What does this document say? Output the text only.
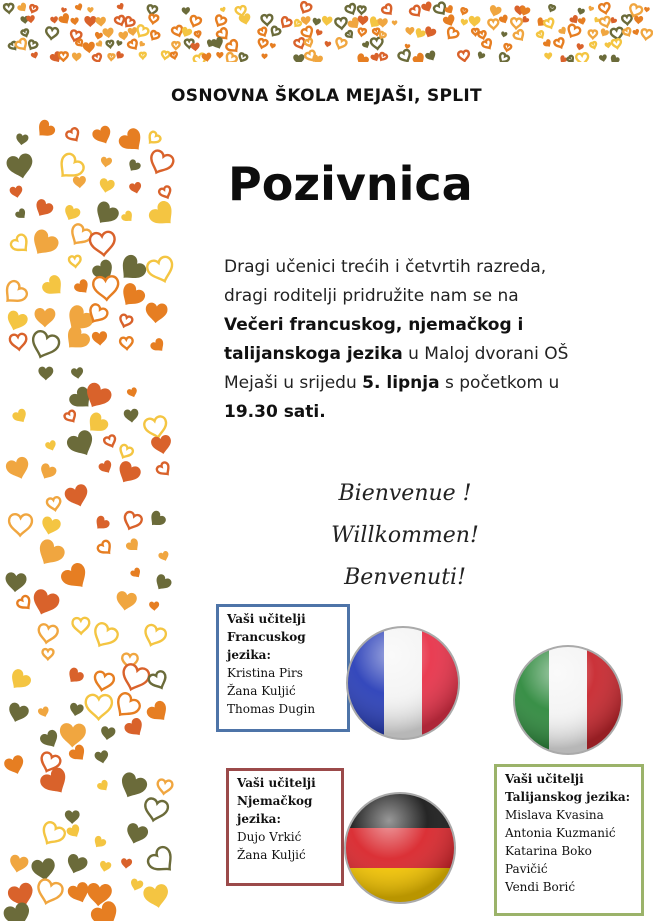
OSNOVNA ŠKOLA MEJAŠI, SPLIT
Pozivnica
Dragi učenici trećih i četvrtih razreda, dragi roditelji pridružite nam se na Večeri francuskog, njemačkog i talijanskoga jezika u Maloj dvorani OŠ Mejaši u srijedu 5. lipnja s početkom u 19.30 sati.
Bienvenue !
Willkommen!
Benvenuti!
Vaši učitelji Francuskog jezika:
Kristina Pirs
Žana Kuljić
Thomas Dugin
Vaši učitelji Njemačkog jezika:
Dujo Vrkić
Žana Kuljić
Vaši učitelji Talijanskog jezika:
Mislava Kvasina
Antonia Kuzmanić
Katarina Boko
Pavičić
Vendi Borić
